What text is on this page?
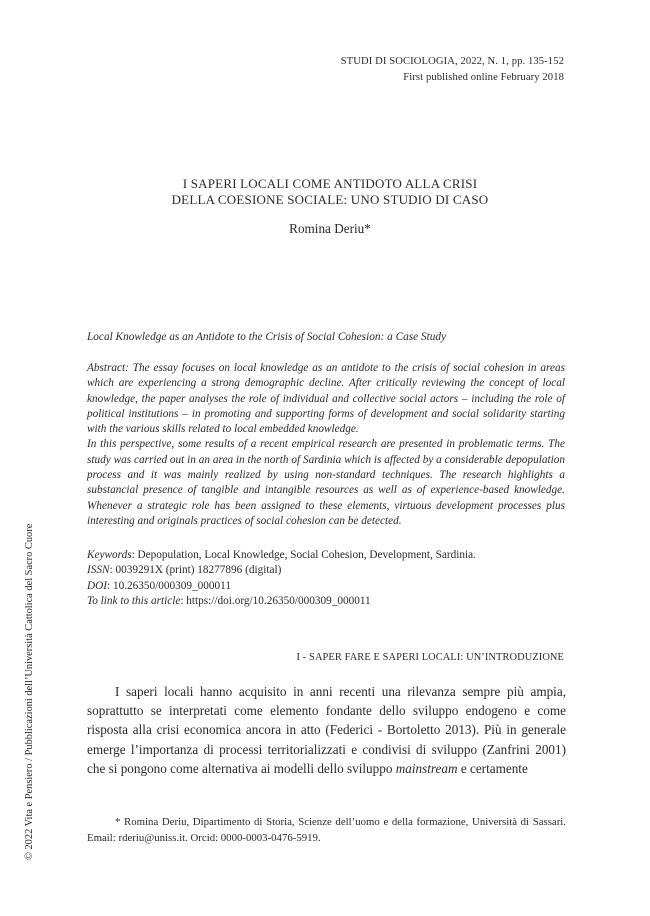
STUDI DI SOCIOLOGIA, 2022, N. 1, pp. 135-152
First published online February 2018
I SAPERI LOCALI COME ANTIDOTO ALLA CRISI
DELLA COESIONE SOCIALE: UNO STUDIO DI CASO
Romina Deriu*
Local Knowledge as an Antidote to the Crisis of Social Cohesion: a Case Study

Abstract: The essay focuses on local knowledge as an antidote to the crisis of social cohesion in areas which are experiencing a strong demographic decline. After critically reviewing the concept of local knowledge, the paper analyses the role of individual and collective social actors – including the role of political institutions – in promoting and supporting forms of development and social solidarity starting with the various skills related to local embedded knowledge.

In this perspective, some results of a recent empirical research are presented in problematic terms. The study was carried out in an area in the north of Sardinia which is affected by a considerable depopulation process and it was mainly realized by using non-standard techniques. The research highlights a substancial presence of tangible and intangible resources as well as of experience-based knowledge. Whenever a strategic role has been assigned to these elements, virtuous development processes plus interesting and originals practices of social cohesion can be detected.

Keywords: Depopulation, Local Knowledge, Social Cohesion, Development, Sardinia.
ISSN: 0039291X (print) 18277896 (digital)
DOI: 10.26350/000309_000011
To link to this article: https://doi.org/10.26350/000309_000011
I - SAPER FARE E SAPERI LOCALI: UN’INTRODUZIONE

I saperi locali hanno acquisito in anni recenti una rilevanza sempre più ampia, soprattutto se interpretati come elemento fondante dello sviluppo endogeno e come risposta alla crisi economica ancora in atto (Federici - Bortoletto 2013). Più in generale emerge l’importanza di processi territorializzati e condivisi di sviluppo (Zanfrini 2001) che si pongono come alternativa ai modelli dello sviluppo mainstream e certamente

* Romina Deriu, Dipartimento di Storia, Scienze dell’uomo e della formazione, Università di Sassari. Email: rderiu@uniss.it. Orcid: 0000-0003-0476-5919.
© 2022 Vita e Pensiero / Pubblicazioni dell’Università Cattolica del Sacro Cuore
